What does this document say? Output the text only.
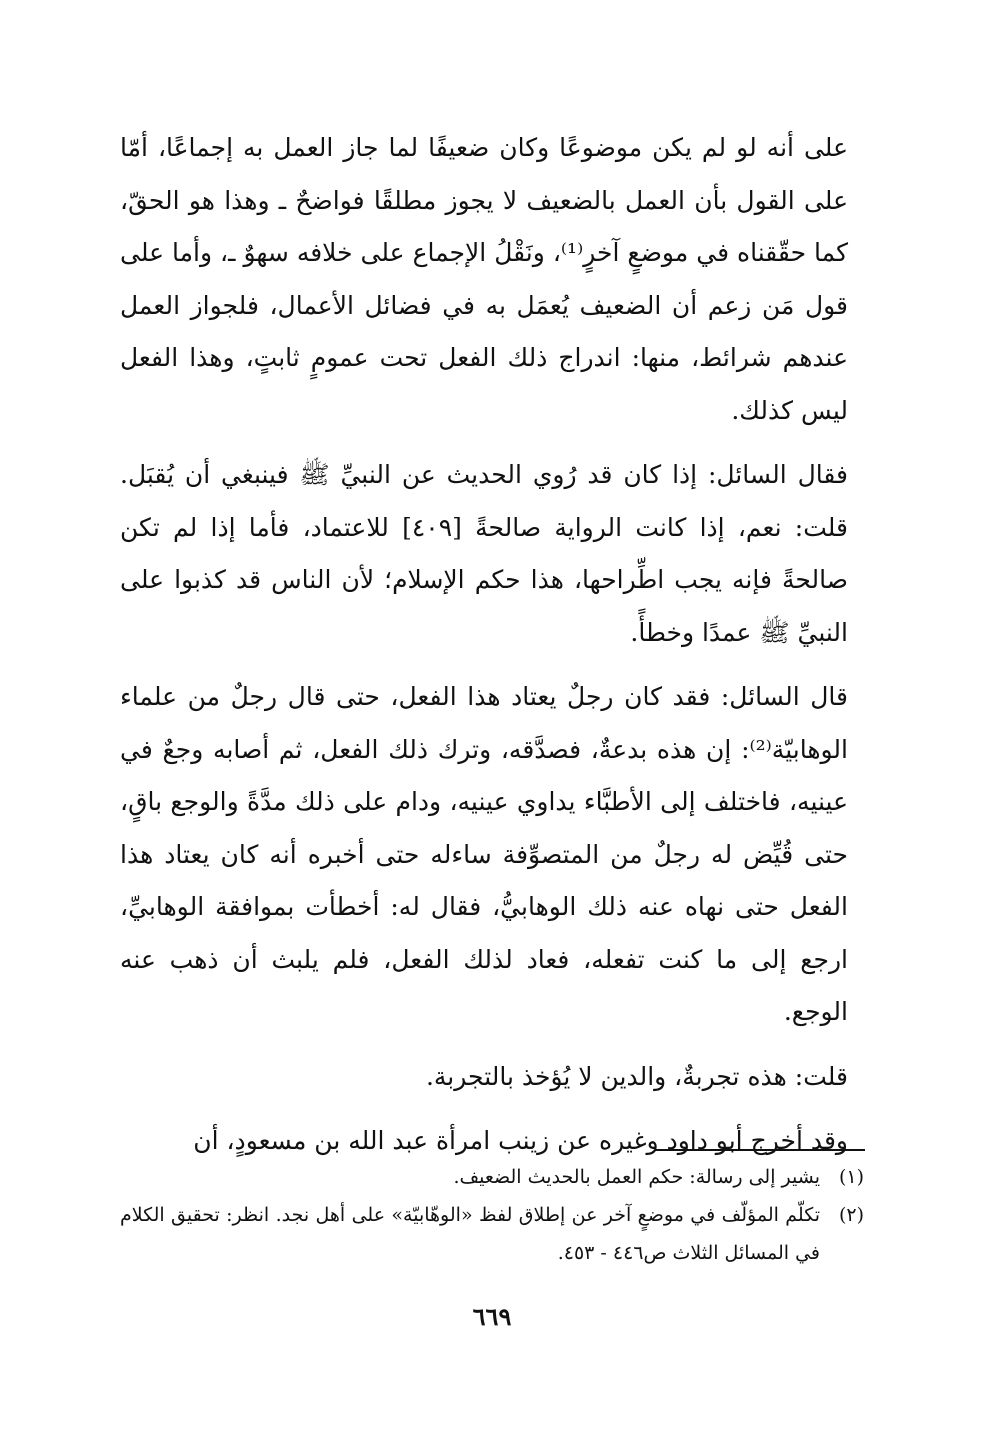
على أنه لو لم يكن موضوعًا وكان ضعيفًا لما جاز العمل به إجماعًا، أمّا على القول بأن العمل بالضعيف لا يجوز مطلقًا فواضحٌ ـ وهذا هو الحقّ، كما حقّقناه في موضعٍ آخرٍ⁽¹⁾، ونَقْلُ الإجماع على خلافه سهوٌ ـ، وأما على قول مَن زعم أن الضعيف يُعمَل به في فضائل الأعمال، فلجواز العمل عندهم شرائط، منها: اندراج ذلك الفعل تحت عمومٍ ثابتٍ، وهذا الفعل ليس كذلك.

فقال السائل: إذا كان قد رُوي الحديث عن النبيِّ ﷺ فينبغي أن يُقبَل. قلت: نعم، إذا كانت الرواية صالحةً [٤٠٩] للاعتماد، فأما إذا لم تكن صالحةً فإنه يجب اطِّراحها، هذا حكم الإسلام؛ لأن الناس قد كذبوا على النبيِّ ﷺ عمدًا وخطأً.

قال السائل: فقد كان رجلٌ يعتاد هذا الفعل، حتى قال رجلٌ من علماء الوهابيّة⁽²⁾: إن هذه بدعةٌ، فصدَّقه، وترك ذلك الفعل، ثم أصابه وجعٌ في عينيه، فاختلف إلى الأطبَّاء يداوي عينيه، ودام على ذلك مدَّةً والوجع باقٍ، حتى قُيِّض له رجلٌ من المتصوِّفة ساءله حتى أخبره أنه كان يعتاد هذا الفعل حتى نهاه عنه ذلك الوهابيُّ، فقال له: أخطأت بموافقة الوهابيِّ، ارجع إلى ما كنت تفعله، فعاد لذلك الفعل، فلم يلبث أن ذهب عنه الوجع.

قلت: هذه تجربةٌ، والدين لا يُؤخذ بالتجربة.

وقد أخرج أبو داود وغيره عن زينب امرأة عبد الله بن مسعودٍ، أن

(١)
يشير إلى رسالة: حكم العمل بالحديث الضعيف.
(٢)
تكلّم المؤلّف في موضعٍ آخر عن إطلاق لفظ «الوهّابيّة» على أهل نجد. انظر: تحقيق الكلام في المسائل الثلاث ص٤٤٦ - ٤٥٣.
٦٦٩
